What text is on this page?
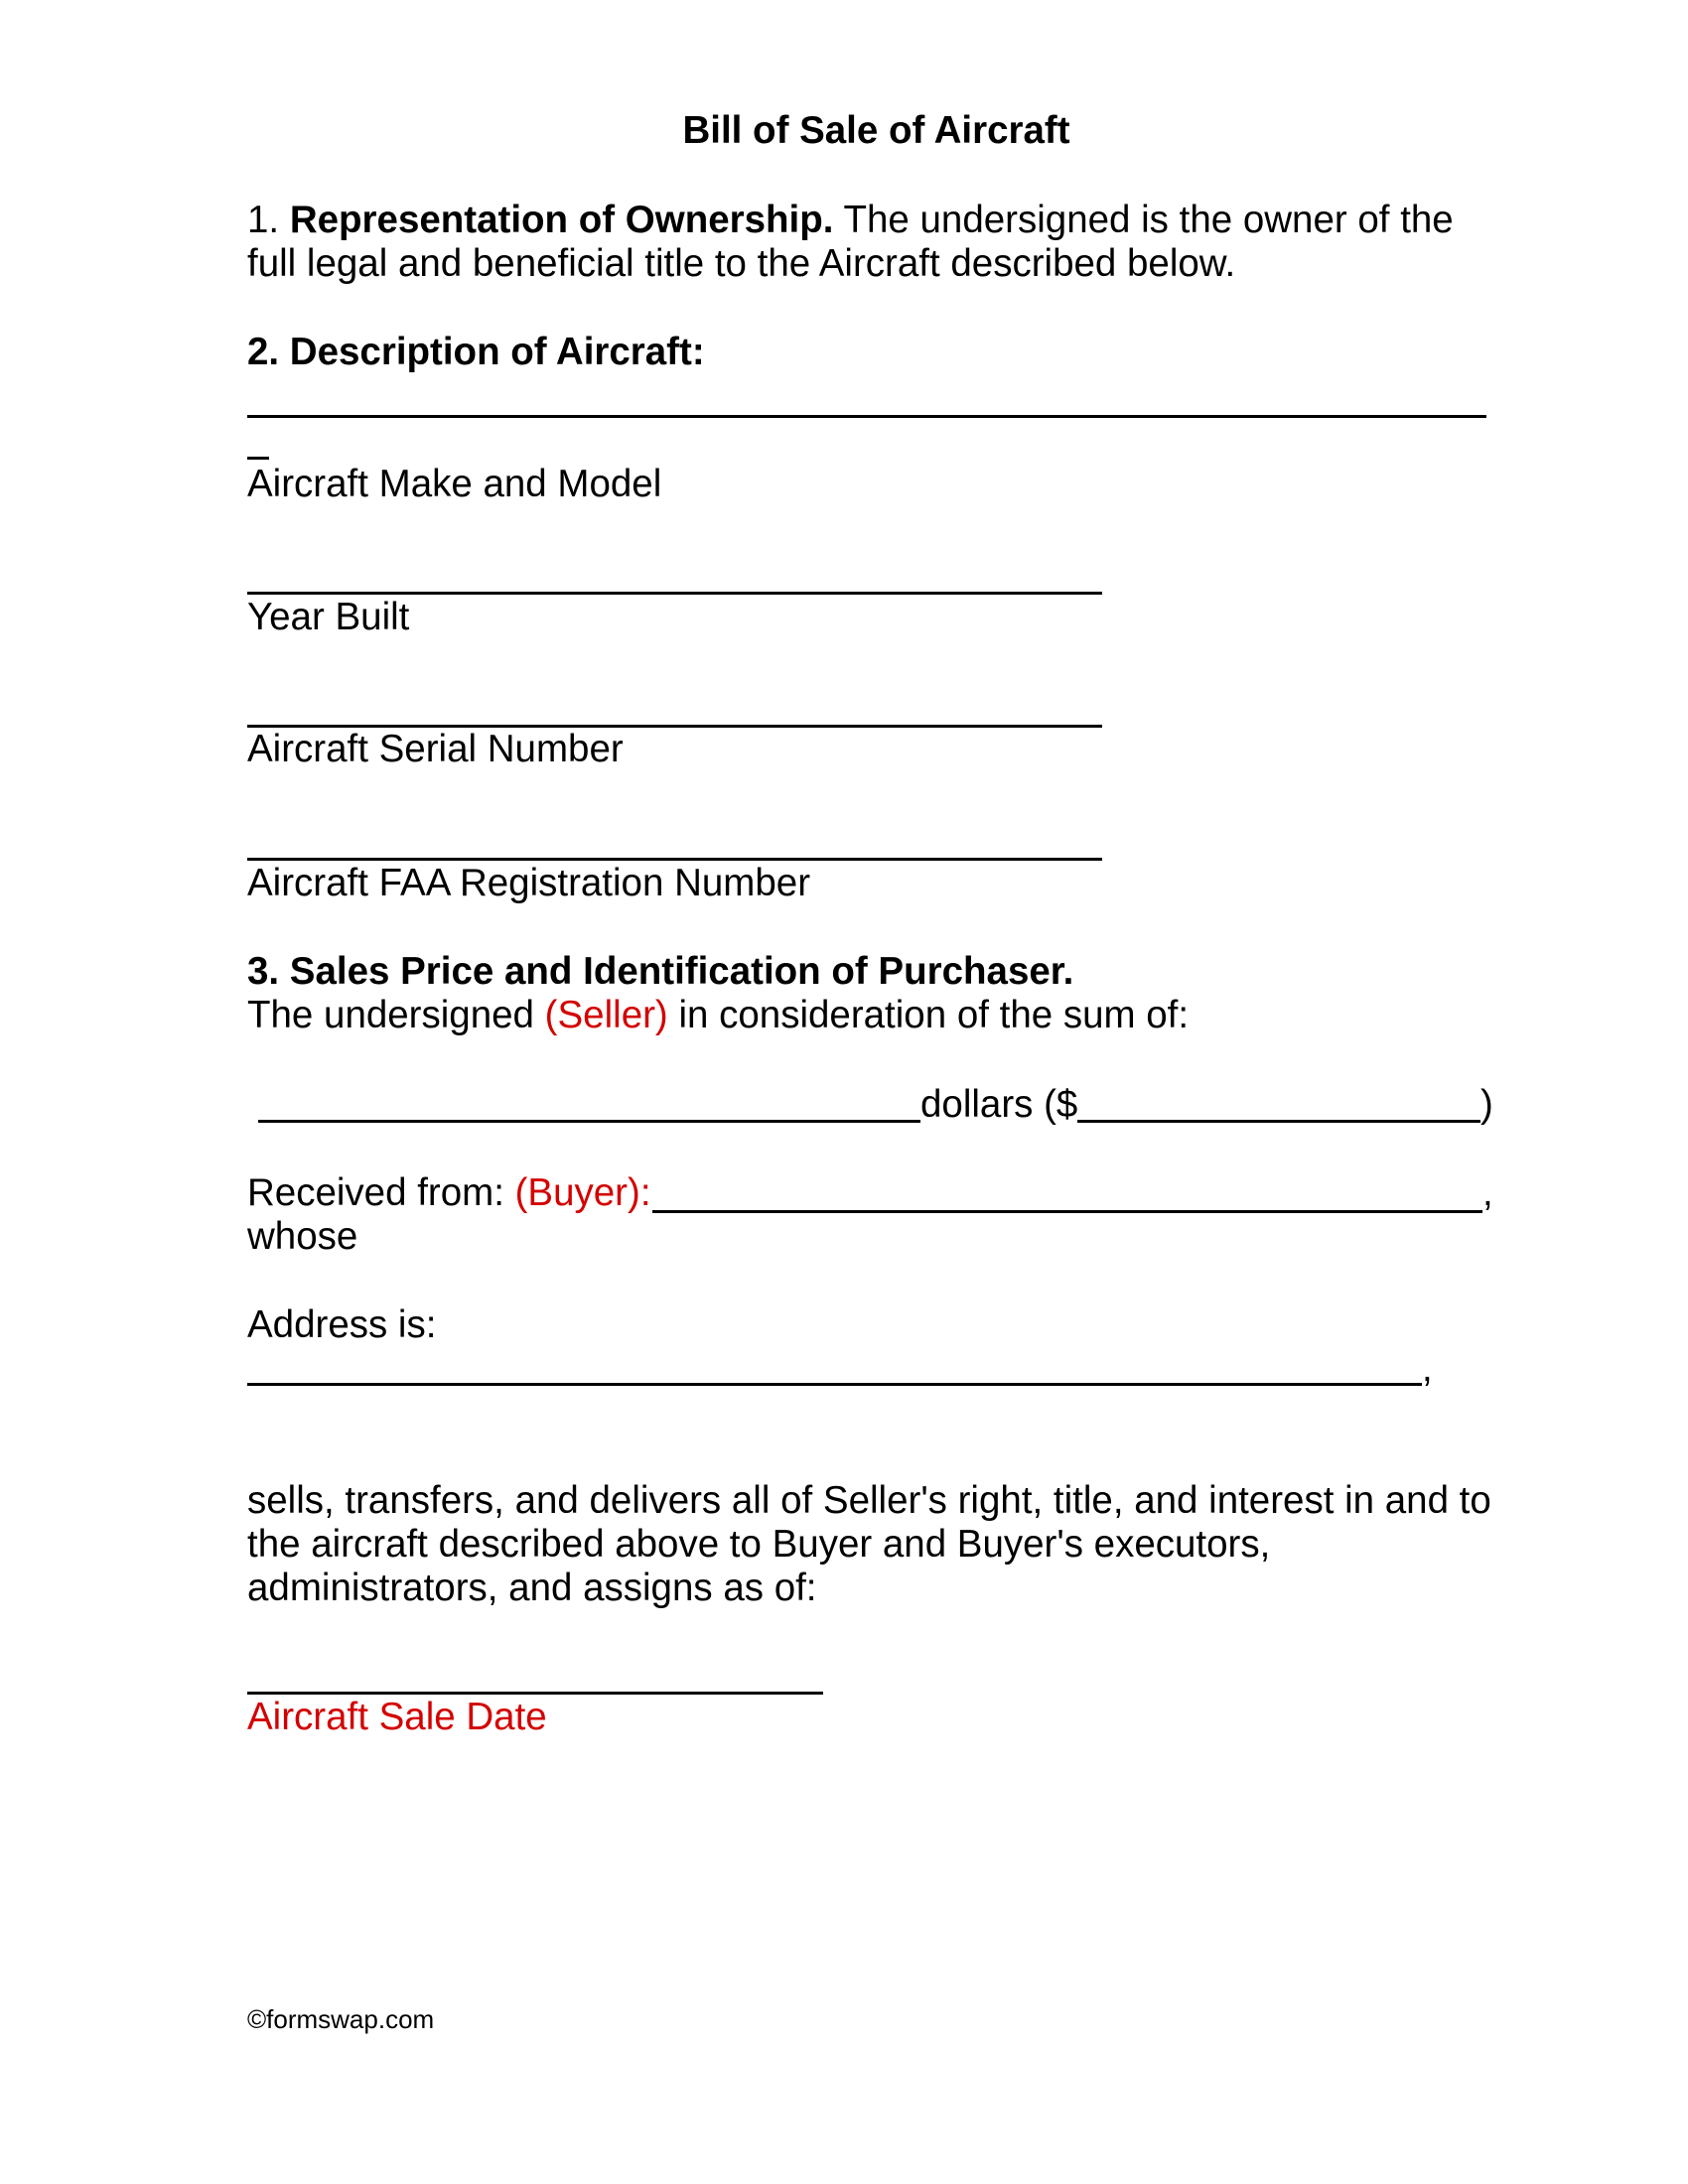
Bill of Sale of Aircraft
1. Representation of Ownership. The undersigned is the owner of the
full legal and beneficial title to the Aircraft described below.
2. Description of Aircraft:
Aircraft Make and Model
Year Built
Aircraft Serial Number
Aircraft FAA Registration Number
3. Sales Price and Identification of Purchaser.
The undersigned (Seller) in consideration of the sum of:
dollars ($	)
Received from: (Buyer):	,
whose
Address is:
,
sells, transfers, and delivers all of Seller's right, title, and interest in and to
the aircraft described above to Buyer and Buyer's executors,
administrators, and assigns as of:
Aircraft Sale Date
©formswap.com
